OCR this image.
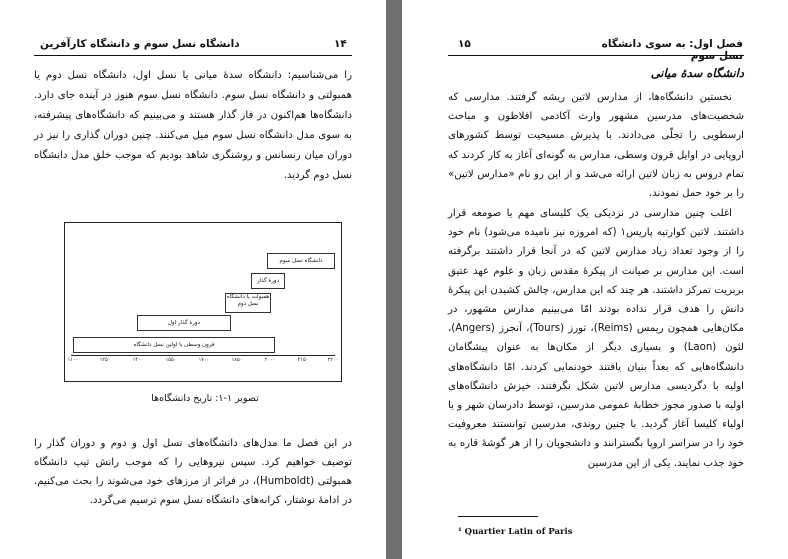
۱۴
دانشگاه نسل سوم و دانشگاه کارآفرین

را می‌شناسیم: دانشگاه سدهٔ میانی یا نسل اول، دانشگاه نسل دوم یا همبولتی و دانشگاه نسل سوم. دانشگاه نسل سوم هنوز در آینده جای دارد. دانشگاه‌ها هم‌اکنون در فاز گذار هستند و می‌بینیم که دانشگاه‌های پیشرفته، به سوی مدل دانشگاه نسل سوم میل می‌کنند. چنین دوران گذاری را نیز در دوران میان رنسانس و روشنگری شاهد بودیم که موجب خلق مدل دانشگاه نسل دوم گردید.

قرون وسطی یا اولین نسل دانشگاه
دورهٔ گذار اول
همبولت یا دانشگاه نسل دوم
دورهٔ گذار
دانشگاه نسل سوم
۱۱۰۰	۱۲۵۰	۱۴۰۰	۱۵۵۰	۱۷۰۰	۱۸۵۰	۲۰۰۰	۲۱۵۰	۲۲۰۰
تصویر ۱-۱: تاریخ دانشگاه‌ها

در این فصل ما مدل‌های دانشگاه‌های نسل اول و دوم و دوران گذار را توصیف خواهیم کرد. سپس نیروهایی را که موجب رانش تیپ دانشگاه همبولتی (Humboldt)، در فراتر از مرزهای خود می‌شوند را بحث می‌کنیم. در ادامهٔ نوشتار، کرانه‌های دانشگاه نسل سوم ترسیم می‌گردد.

۱۵	فصل اول: به سوی دانشگاه نسل سوم
دانشگاه سدهٔ میانی

نخستین دانشگاه‌ها، از مدارس لاتین ریشه گرفتند. مدارسی که شخصیت‌های مدرسین مشهور وارث آکادمی افلاطون و مباحث ارسطویی را تجلّی می‌دادند. با پذیرش مسیحیت توسط کشورهای اروپایی در اوایل قرون وسطی، مدارس به گونه‌ای آغاز به کار کردند که تمام دروس به زبان لاتین ارائه می‌شد و از این رو نام «مدارس لاتین» را بر خود حمل نمودند.

اغلب چنین مدارسی در نزدیکی یک کلیسای مهم یا صومعه قرار داشتند. لاتین کوارتیه پاریس۱ (که امروزه نیز نامیده می‌شود) نام خود را از وجود تعداد زیاد مدارس لاتین که در آنجا قرار داشتند برگرفته است. این مدارس بر صیانت از پیکرهٔ مقدس زبان و علوم عهد عتیق بربریت تمرکز داشتند. هر چند که این مدارس، چالش کشیدن این پیکرهٔ دانش را هدف قرار نداده بودند امّا می‌بینیم مدارس مشهور، در مکان‌هایی همچون ریمس (Reims)، تورز (Tours)، آنجرز (Angers)، لئون (Laon) و بسیاری دیگر از مکان‌ها به عنوان پیشگامان دانشگاه‌هایی که بعداً بنیان یافتند خودنمایی کردند. امّا دانشگاه‌های اولیه با دگردیسی مدارس لاتین شکل نگرفتند. خیزش دانشگاه‌های اولیه با صدور مجوز خطابهٔ عمومی مدرسین، توسط دادرسان شهر و یا اولیاء کلیسا آغاز گردید. با چنین روندی، مدرسین توانستند معروفیت خود را در سراسر اروپا بگسترانند و دانشجویان را از هر گوشهٔ قاره به خود جذب نمایند. یکی از این مدرسین

¹ Quartier Latin of Paris
